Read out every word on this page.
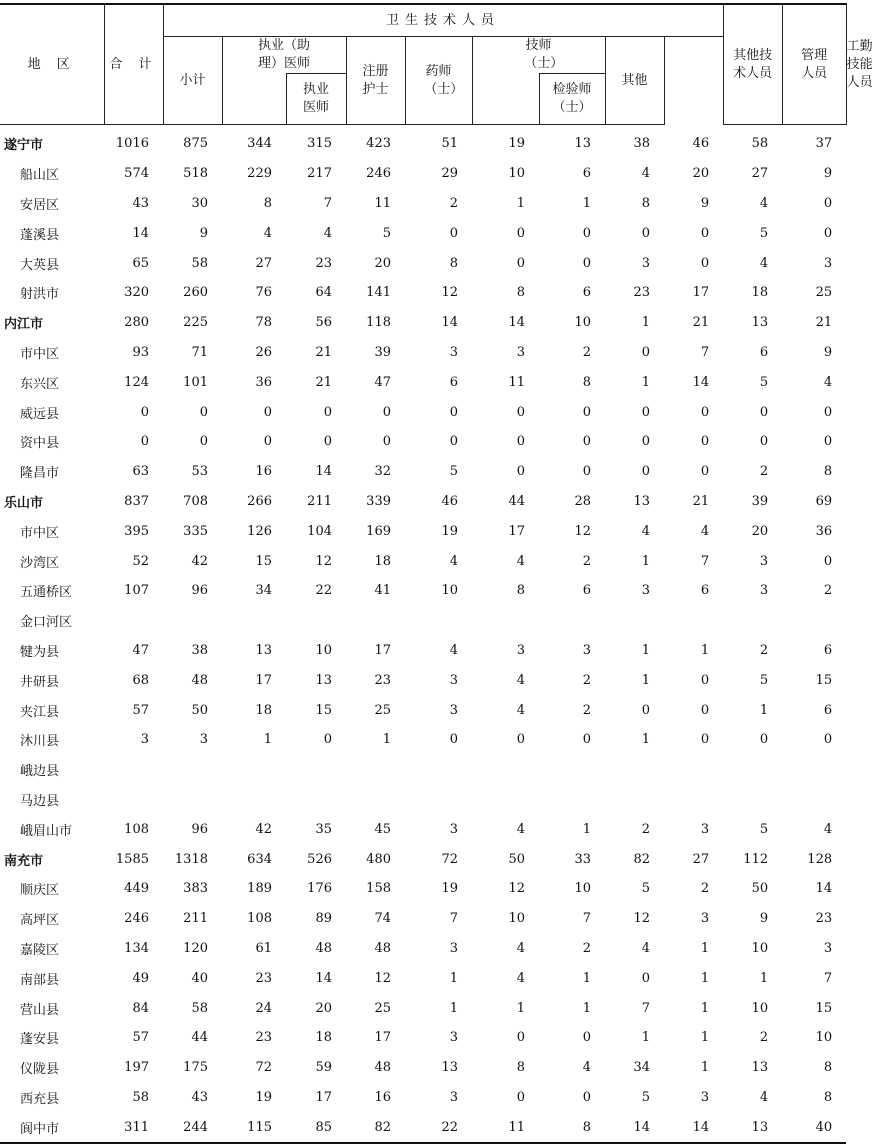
地 区	合 计	卫生技术人员									其他技术人员	管理人员	工勤技能人员

		小计	执业（助理）医师		注册护士	药师（士）	技师（士）		其他				

				执业医师				检验师（士）					

遂宁市	1016	875	344	315	423	51	19	13	38	46	58	37	
船山区	574	518	229	217	246	29	10	6	4	20	27	9	
安居区	43	30	8	7	11	2	1	1	8	9	4	0	
蓬溪县	14	9	4	4	5	0	0	0	0	0	5	0	
大英县	65	58	27	23	20	8	0	0	3	0	4	3	
射洪市	320	260	76	64	141	12	8	6	23	17	18	25	
内江市	280	225	78	56	118	14	14	10	1	21	13	21	
市中区	93	71	26	21	39	3	3	2	0	7	6	9	
东兴区	124	101	36	21	47	6	11	8	1	14	5	4	
威远县	0	0	0	0	0	0	0	0	0	0	0	0	
资中县	0	0	0	0	0	0	0	0	0	0	0	0	
隆昌市	63	53	16	14	32	5	0	0	0	0	2	8	
乐山市	837	708	266	211	339	46	44	28	13	21	39	69	
市中区	395	335	126	104	169	19	17	12	4	4	20	36	
沙湾区	52	42	15	12	18	4	4	2	1	7	3	0	
五通桥区	107	96	34	22	41	10	8	6	3	6	3	2	
金口河区													
犍为县	47	38	13	10	17	4	3	3	1	1	2	6	
井研县	68	48	17	13	23	3	4	2	1	0	5	15	
夹江县	57	50	18	15	25	3	4	2	0	0	1	6	
沐川县	3	3	1	0	1	0	0	0	1	0	0	0	
峨边县													
马边县													
峨眉山市	108	96	42	35	45	3	4	1	2	3	5	4	
南充市	1585	1318	634	526	480	72	50	33	82	27	112	128	
顺庆区	449	383	189	176	158	19	12	10	5	2	50	14	
高坪区	246	211	108	89	74	7	10	7	12	3	9	23	
嘉陵区	134	120	61	48	48	3	4	2	4	1	10	3	
南部县	49	40	23	14	12	1	4	1	0	1	1	7	
营山县	84	58	24	20	25	1	1	1	7	1	10	15	
蓬安县	57	44	23	18	17	3	0	0	1	1	2	10	
仪陇县	197	175	72	59	48	13	8	4	34	1	13	8	
西充县	58	43	19	17	16	3	0	0	5	3	4	8	
阆中市	311	244	115	85	82	22	11	8	14	14	13	40	
